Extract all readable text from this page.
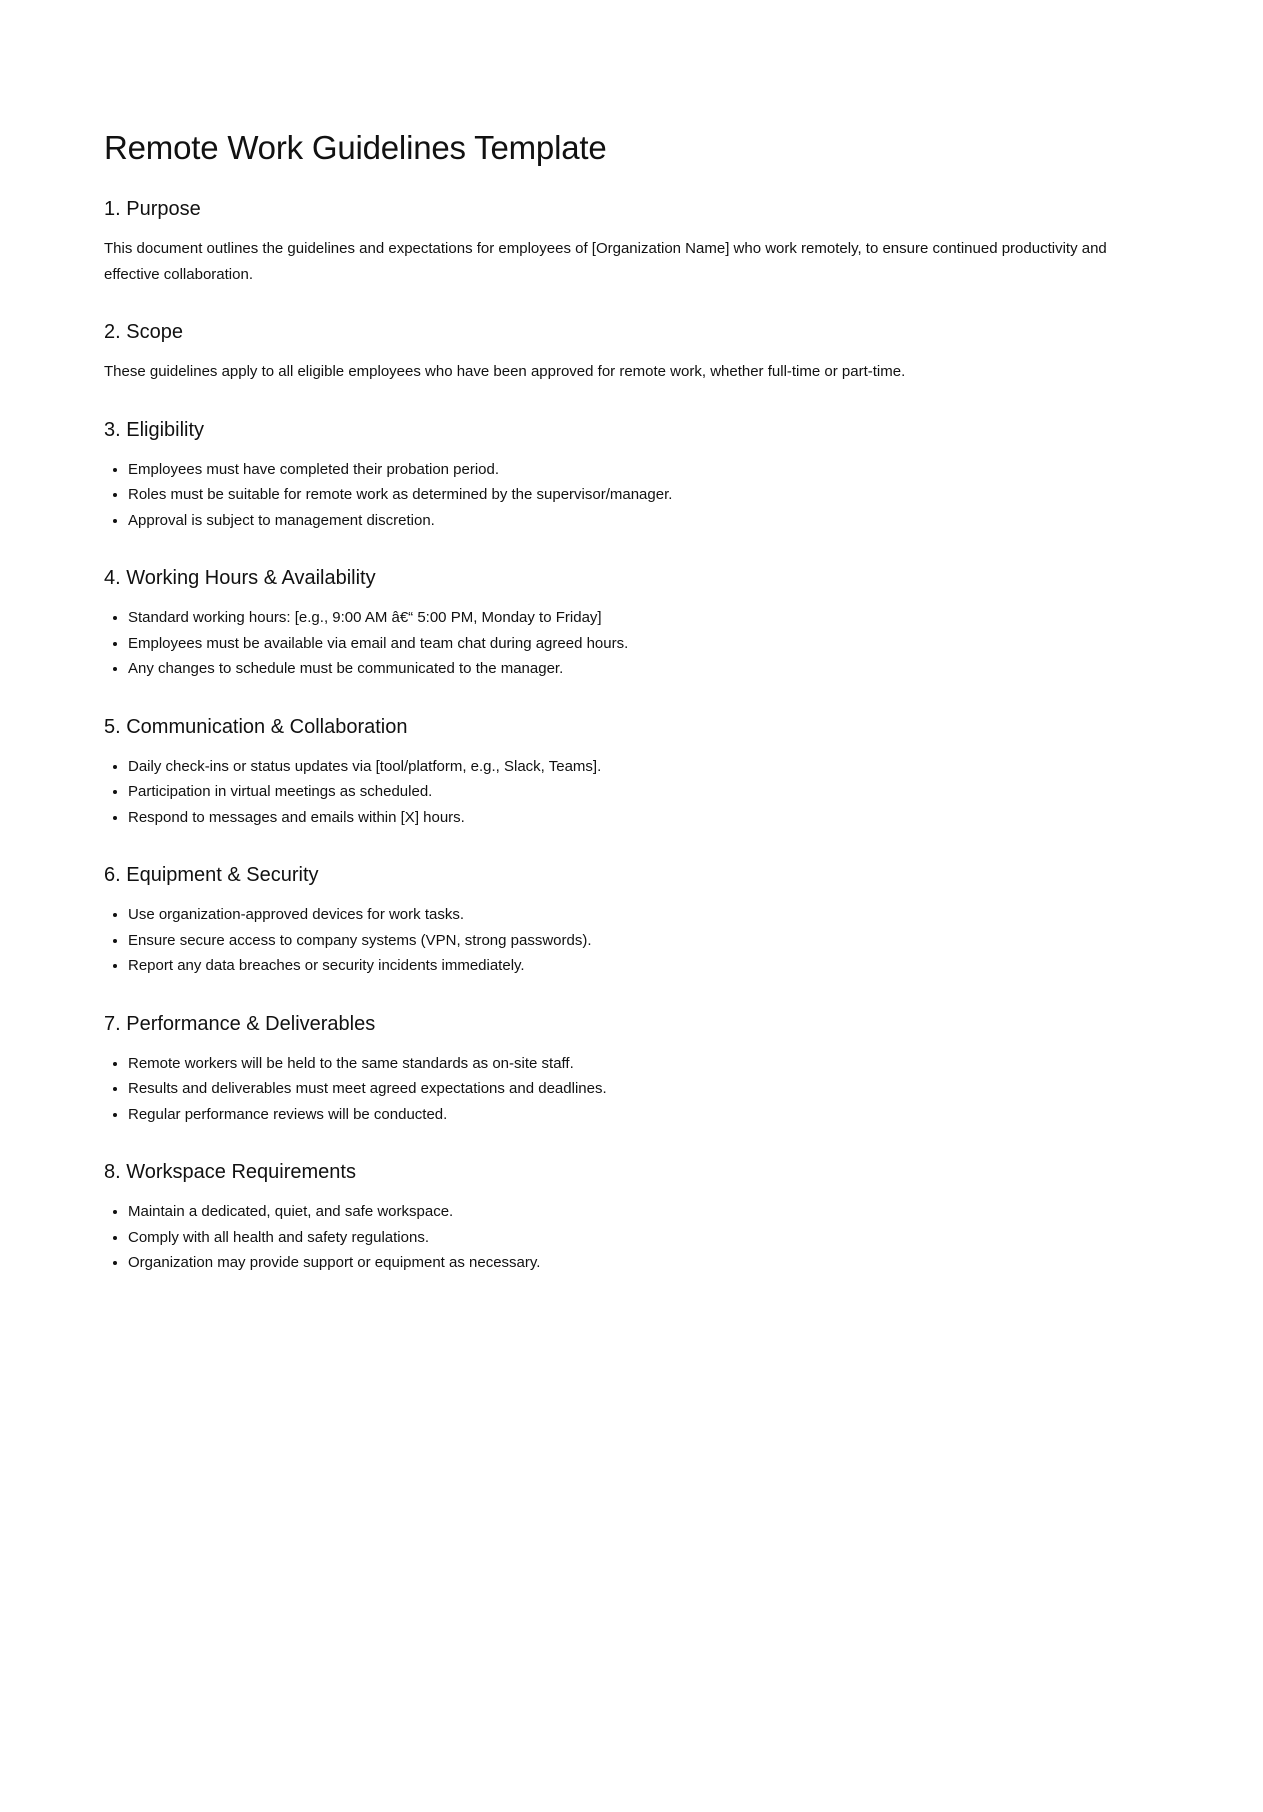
Remote Work Guidelines Template
1. Purpose

This document outlines the guidelines and expectations for employees of [Organization Name] who work remotely, to ensure continued productivity and effective collaboration.

2. Scope

These guidelines apply to all eligible employees who have been approved for remote work, whether full-time or part-time.

3. Eligibility
• Employees must have completed their probation period.
• Roles must be suitable for remote work as determined by the supervisor/manager.
• Approval is subject to management discretion.
4. Working Hours & Availability
• Standard working hours: [e.g., 9:00 AM â€“ 5:00 PM, Monday to Friday]
• Employees must be available via email and team chat during agreed hours.
• Any changes to schedule must be communicated to the manager.
5. Communication & Collaboration
• Daily check-ins or status updates via [tool/platform, e.g., Slack, Teams].
• Participation in virtual meetings as scheduled.
• Respond to messages and emails within [X] hours.
6. Equipment & Security
• Use organization-approved devices for work tasks.
• Ensure secure access to company systems (VPN, strong passwords).
• Report any data breaches or security incidents immediately.
7. Performance & Deliverables
• Remote workers will be held to the same standards as on-site staff.
• Results and deliverables must meet agreed expectations and deadlines.
• Regular performance reviews will be conducted.
8. Workspace Requirements
• Maintain a dedicated, quiet, and safe workspace.
• Comply with all health and safety regulations.
• Organization may provide support or equipment as necessary.
